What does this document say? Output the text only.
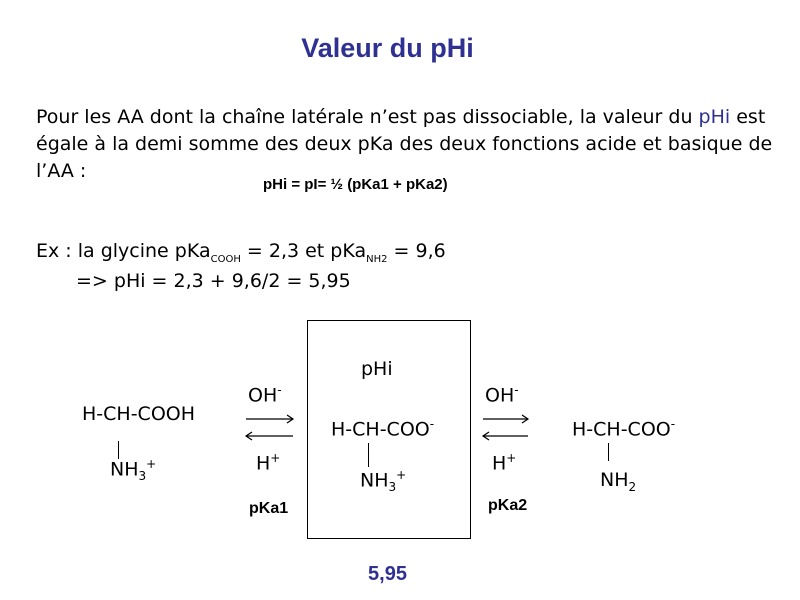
Valeur du pHi
Pour les AA dont la chaîne latérale n’est pas dissociable, la valeur du pHi est égale à la demi somme des deux pKa des deux fonctions acide et basique de l’AA :
pHi = pI= ½ (pKa1 + pKa2)
Ex : la glycine pKa$_{COOH}$ = 2,3 et pKa$_{NH2}$ = 9,6
=> pHi = 2,3 + 9,6/2 = 5,95
H-CH-COOH
$NH_3^+$
pHi
H-CH-COO-
$NH_3^+$
H-CH-COO-
$NH_2$
OH-
H+
pKa1
OH-
H+
pKa2
5,95
